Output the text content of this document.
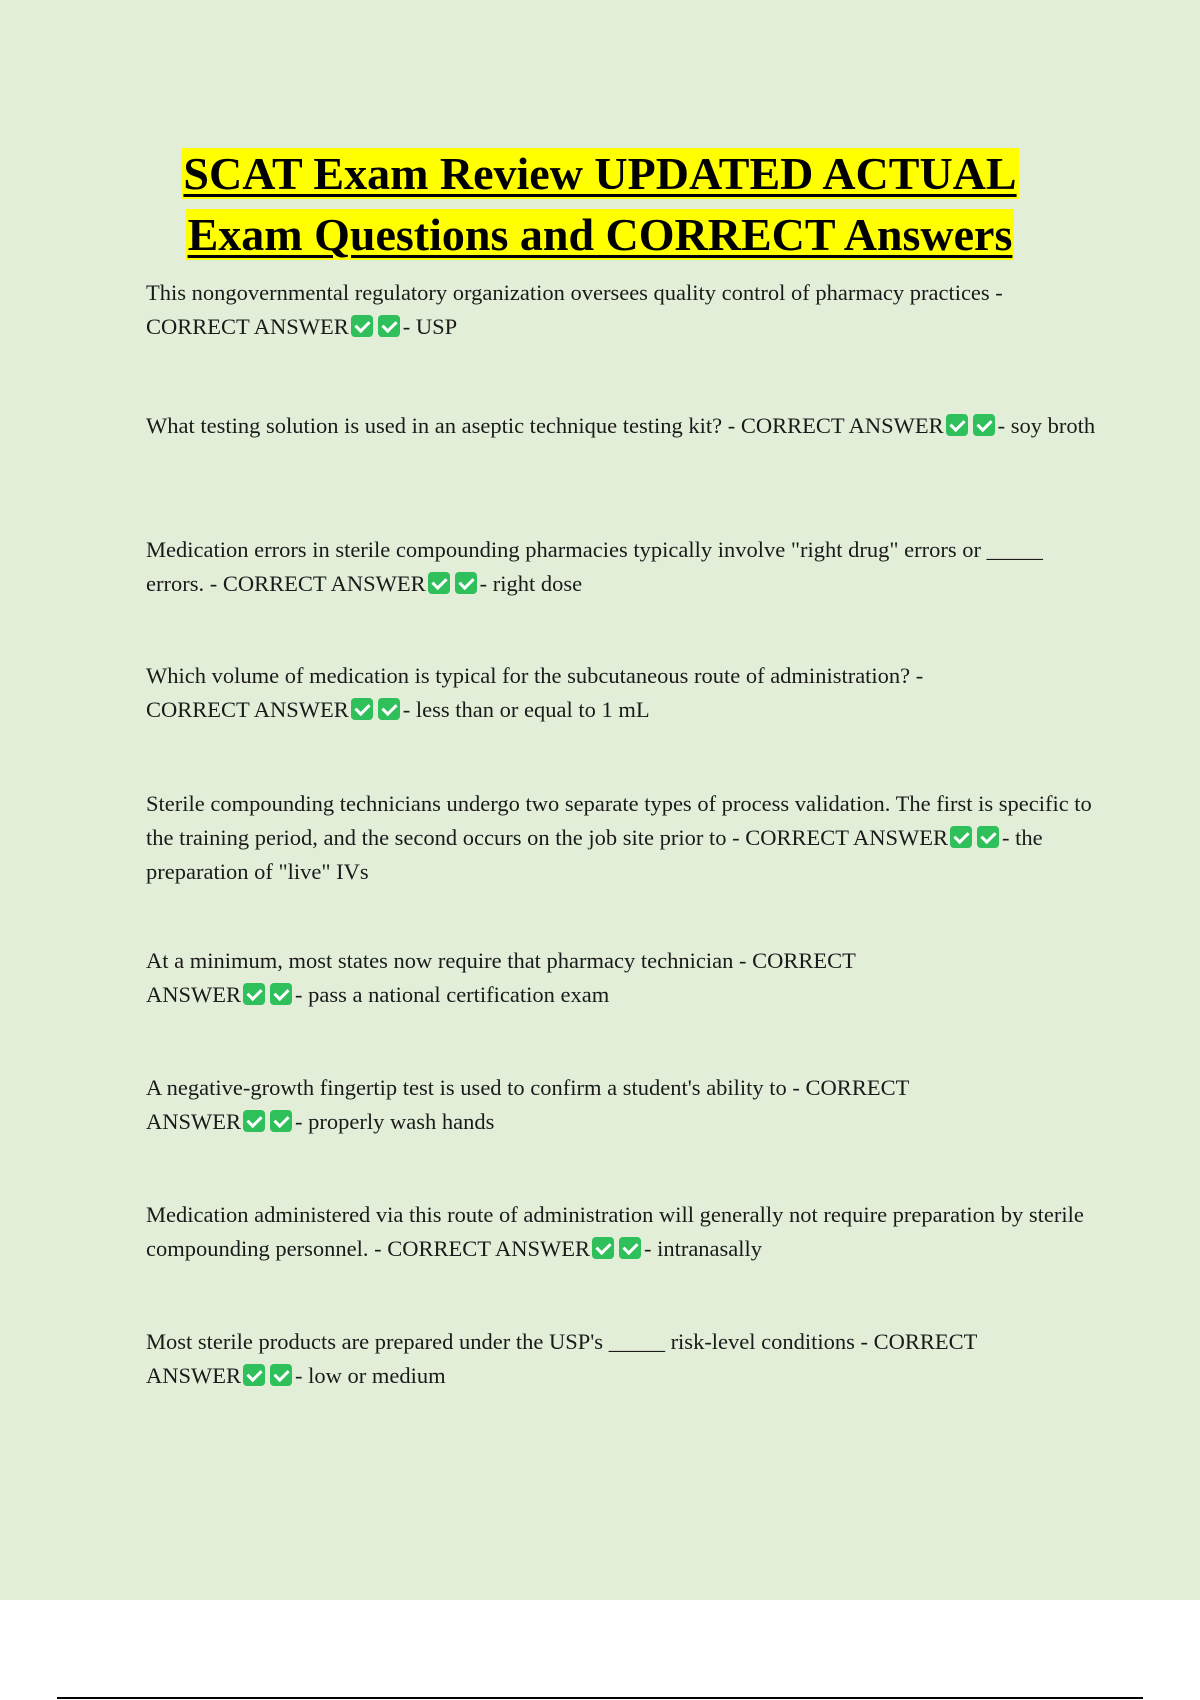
SCAT Exam Review UPDATED ACTUAL
Exam Questions and CORRECT Answers

This nongovernmental regulatory organization oversees quality control of pharmacy practices -
CORRECT ANSWER - USP

What testing solution is used in an aseptic technique testing kit? - CORRECT ANSWER - soy broth

Medication errors in sterile compounding pharmacies typically involve "right drug" errors or _____ errors. - CORRECT ANSWER - right dose

Which volume of medication is typical for the subcutaneous route of administration? -
CORRECT ANSWER - less than or equal to 1 mL

Sterile compounding technicians undergo two separate types of process validation. The first is specific to the training period, and the second occurs on the job site prior to - CORRECT ANSWER - the preparation of "live" IVs

At a minimum, most states now require that pharmacy technician - CORRECT
ANSWER - pass a national certification exam

A negative-growth fingertip test is used to confirm a student's ability to - CORRECT
ANSWER - properly wash hands

Medication administered via this route of administration will generally not require preparation by sterile compounding personnel. - CORRECT ANSWER - intranasally

Most sterile products are prepared under the USP's _____ risk-level conditions - CORRECT
ANSWER - low or medium
